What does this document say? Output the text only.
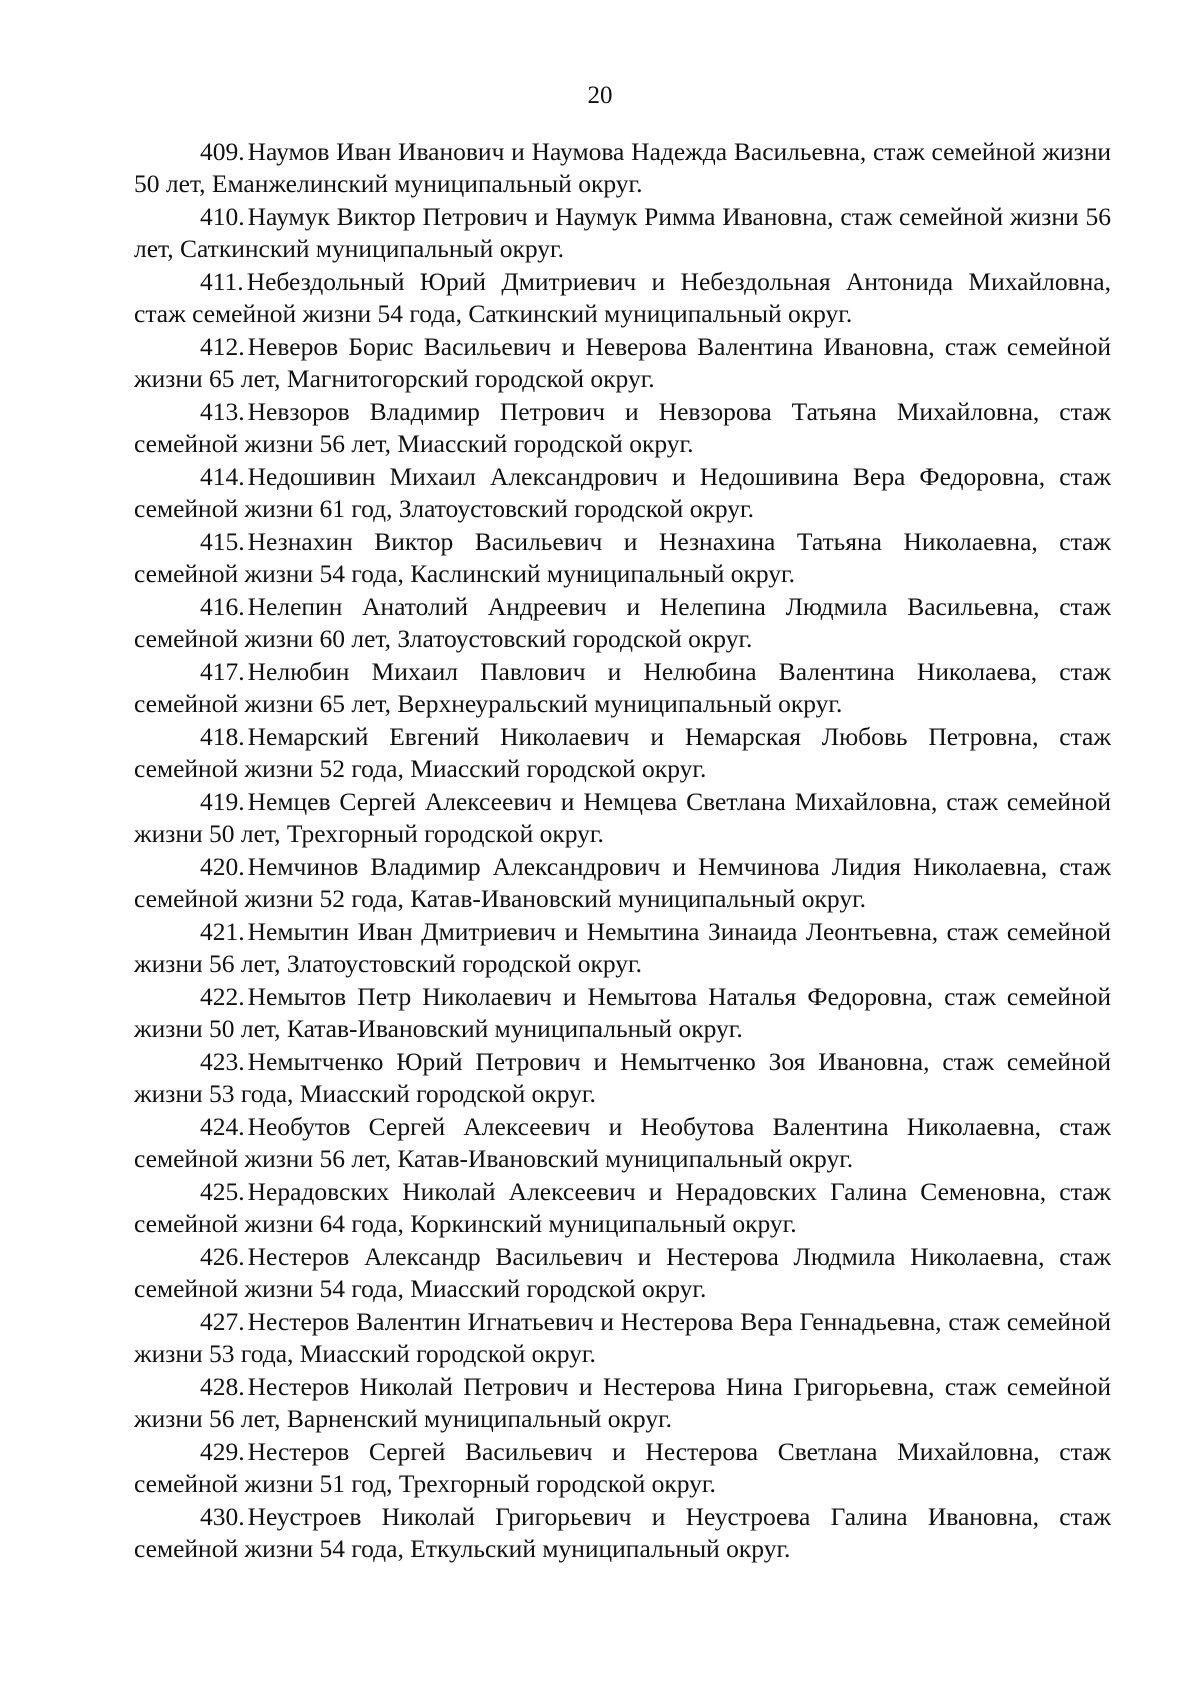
20

409. Наумов Иван Иванович и Наумова Надежда Васильевна, стаж семейной жизни 50 лет, Еманжелинский муниципальный округ.

410. Наумук Виктор Петрович и Наумук Римма Ивановна, стаж семейной жизни 56 лет, Саткинский муниципальный округ.

411. Небездольный Юрий Дмитриевич и Небездольная Антонида Михайловна, стаж семейной жизни 54 года, Саткинский муниципальный округ.

412. Неверов Борис Васильевич и Неверова Валентина Ивановна, стаж семейной жизни 65 лет, Магнитогорский городской округ.

413. Невзоров Владимир Петрович и Невзорова Татьяна Михайловна, стаж семейной жизни 56 лет, Миасский городской округ.

414. Недошивин Михаил Александрович и Недошивина Вера Федоровна, стаж семейной жизни 61 год, Златоустовский городской округ.

415. Незнахин Виктор Васильевич и Незнахина Татьяна Николаевна, стаж семейной жизни 54 года, Каслинский муниципальный округ.

416. Нелепин Анатолий Андреевич и Нелепина Людмила Васильевна, стаж семейной жизни 60 лет, Златоустовский городской округ.

417. Нелюбин Михаил Павлович и Нелюбина Валентина Николаева, стаж семейной жизни 65 лет, Верхнеуральский муниципальный округ.

418. Немарский Евгений Николаевич и Немарская Любовь Петровна, стаж семейной жизни 52 года, Миасский городской округ.

419. Немцев Сергей Алексеевич и Немцева Светлана Михайловна, стаж семейной жизни 50 лет, Трехгорный городской округ.

420. Немчинов Владимир Александрович и Немчинова Лидия Николаевна, стаж семейной жизни 52 года, Катав-Ивановский муниципальный округ.

421. Немытин Иван Дмитриевич и Немытина Зинаида Леонтьевна, стаж семейной жизни 56 лет, Златоустовский городской округ.

422. Немытов Петр Николаевич и Немытова Наталья Федоровна, стаж семейной жизни 50 лет, Катав-Ивановский муниципальный округ.

423. Немытченко Юрий Петрович и Немытченко Зоя Ивановна, стаж семейной жизни 53 года, Миасский городской округ.

424. Необутов Сергей Алексеевич и Необутова Валентина Николаевна, стаж семейной жизни 56 лет, Катав-Ивановский муниципальный округ.

425. Нерадовских Николай Алексеевич и Нерадовских Галина Семеновна, стаж семейной жизни 64 года, Коркинский муниципальный округ.

426. Нестеров Александр Васильевич и Нестерова Людмила Николаевна, стаж семейной жизни 54 года, Миасский городской округ.

427. Нестеров Валентин Игнатьевич и Нестерова Вера Геннадьевна, стаж семейной жизни 53 года, Миасский городской округ.

428. Нестеров Николай Петрович и Нестерова Нина Григорьевна, стаж семейной жизни 56 лет, Варненский муниципальный округ.

429. Нестеров Сергей Васильевич и Нестерова Светлана Михайловна, стаж семейной жизни 51 год, Трехгорный городской округ.

430. Неустроев Николай Григорьевич и Неустроева Галина Ивановна, стаж семейной жизни 54 года, Еткульский муниципальный округ.
